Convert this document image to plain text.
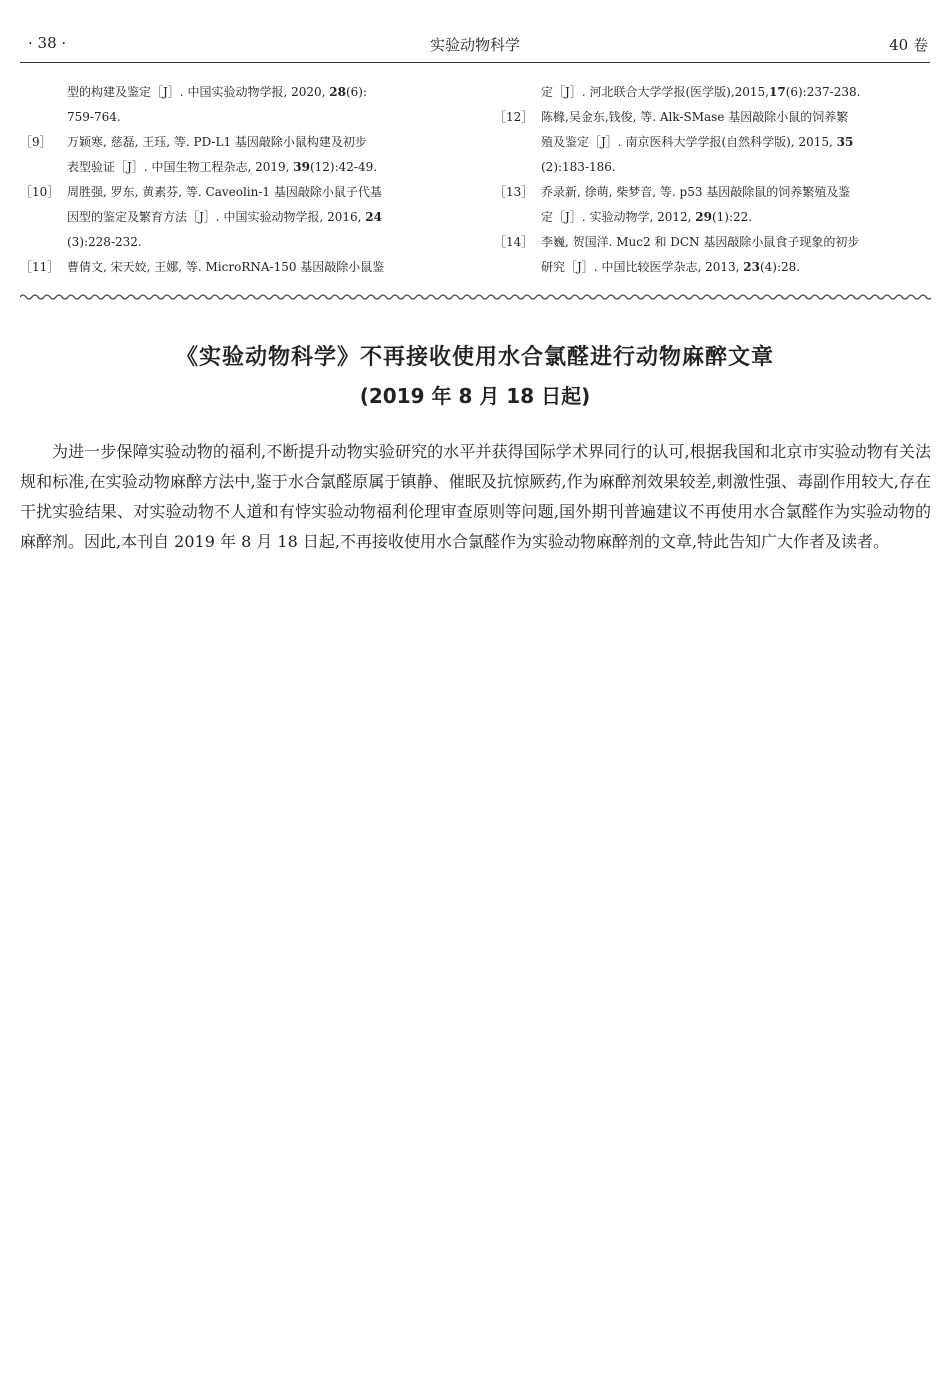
· 38 ·	实验动物科学	40 卷

型的构建及鉴定［J］. 中国实验动物学报, 2020, 28(6):
759-764.

［9］	万颖寒, 慈磊, 王珏, 等. PD-L1 基因敲除小鼠构建及初步
表型验证［J］. 中国生物工程杂志, 2019, 39(12):42-49.

［10］ 周胜强, 罗东, 黄素芬, 等. Caveolin-1 基因敲除小鼠子代基
因型的鉴定及繁育方法［J］. 中国实验动物学报, 2016, 24
(3):228-232.

［11］ 曹倩文, 宋天姣, 王娜, 等. MicroRNA-150 基因敲除小鼠鉴

定［J］. 河北联合大学学报(医学版),2015,17(6):237-238.

［12］ 陈橼,吴金东,钱俊, 等. Alk-SMase 基因敲除小鼠的饲养繁
殖及鉴定［J］. 南京医科大学学报(自然科学版), 2015, 35
(2):183-186.

［13］ 乔录新, 徐萌, 柴梦音, 等. p53 基因敲除鼠的饲养繁殖及鉴
定［J］. 实验动物学, 2012, 29(1):22.

［14］ 李巍, 贺国洋. Muc2 和 DCN 基因敲除小鼠食子现象的初步
研究［J］. 中国比较医学杂志, 2013, 23(4):28.

《实验动物科学》不再接收使用水合氯醛进行动物麻醉文章
(2019 年 8 月 18 日起)

为进一步保障实验动物的福利,不断提升动物实验研究的水平并获得国际学术界同行的认可,根据我国和北京市实验动物有关法规和标准,在实验动物麻醉方法中,鉴于水合氯醛原属于镇静、催眠及抗惊厥药,作为麻醉剂效果较差,刺激性强、毒副作用较大,存在干扰实验结果、对实验动物不人道和有悖实验动物福利伦理审查原则等问题,国外期刊普遍建议不再使用水合氯醛作为实验动物的麻醉剂。因此,本刊自 2019 年 8 月 18 日起,不再接收使用水合氯醛作为实验动物麻醉剂的文章,特此告知广大作者及读者。
